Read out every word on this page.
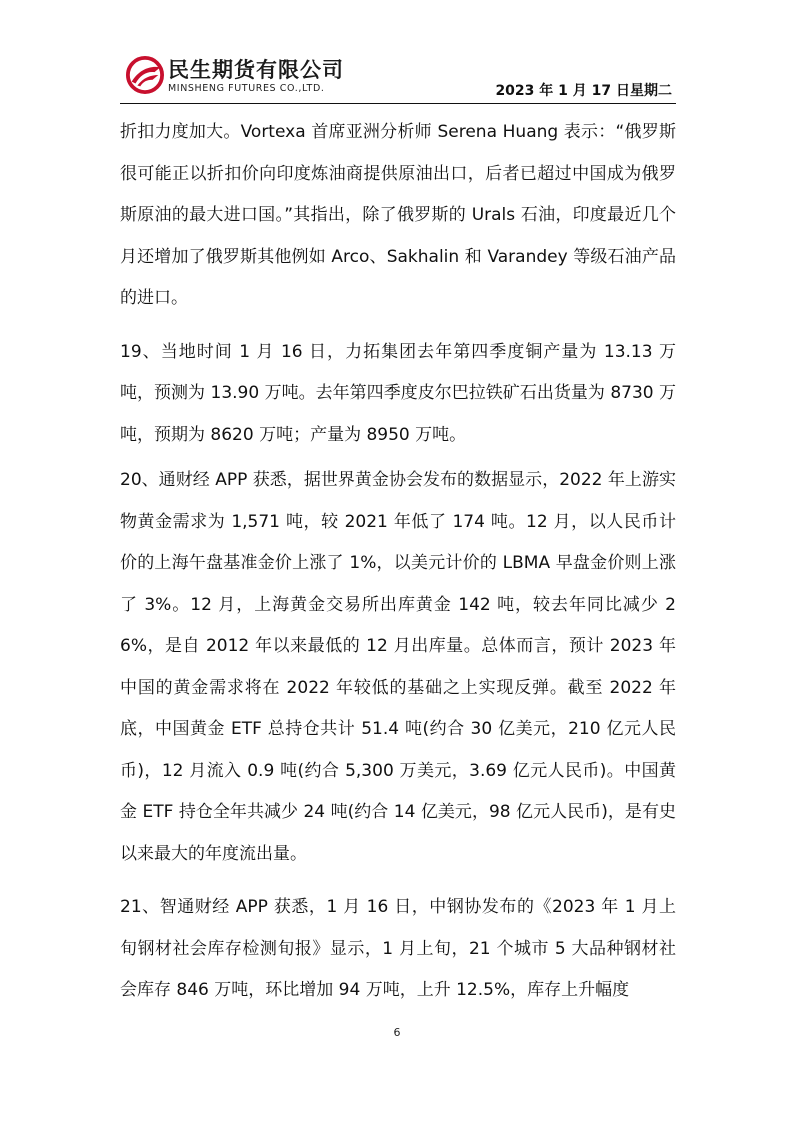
民生期货有限公司
MINSHENG FUTURES CO.,LTD.	2023 年 1 月 17 日星期二

折扣力度加大。Vortexa 首席亚洲分析师 Serena Huang 表示：“俄罗斯很可能正以折扣价向印度炼油商提供原油出口，后者已超过中国成为俄罗斯原油的最大进口国。”其指出，除了俄罗斯的 Urals 石油，印度最近几个月还增加了俄罗斯其他例如 Arco、Sakhalin 和 Varandey 等级石油产品的进口。

19、当地时间 1 月 16 日，力拓集团去年第四季度铜产量为 13.13 万吨，预测为 13.90 万吨。去年第四季度皮尔巴拉铁矿石出货量为 8730 万吨，预期为 8620 万吨；产量为 8950 万吨。

20、通财经 APP 获悉，据世界黄金协会发布的数据显示，2022 年上游实物黄金需求为 1,571 吨，较 2021 年低了 174 吨。12 月，以人民币计价的上海午盘基准金价上涨了 1%，以美元计价的 LBMA 早盘金价则上涨了 3%。12 月，上海黄金交易所出库黄金 142 吨，较去年同比减少 26%，是自 2012 年以来最低的 12 月出库量。总体而言，预计 2023 年中国的黄金需求将在 2022 年较低的基础之上实现反弹。截至 2022 年底，中国黄金 ETF 总持仓共计 51.4 吨(约合 30 亿美元，210 亿元人民币)，12 月流入 0.9 吨(约合 5,300 万美元，3.69 亿元人民币)。中国黄金 ETF 持仓全年共减少 24 吨(约合 14 亿美元，98 亿元人民币)，是有史以来最大的年度流出量。

21、智通财经 APP 获悉，1 月 16 日，中钢协发布的《2023 年 1 月上旬钢材社会库存检测旬报》显示，1 月上旬，21 个城市 5 大品种钢材社会库存 846 万吨，环比增加 94 万吨，上升 12.5%，库存上升幅度

6
